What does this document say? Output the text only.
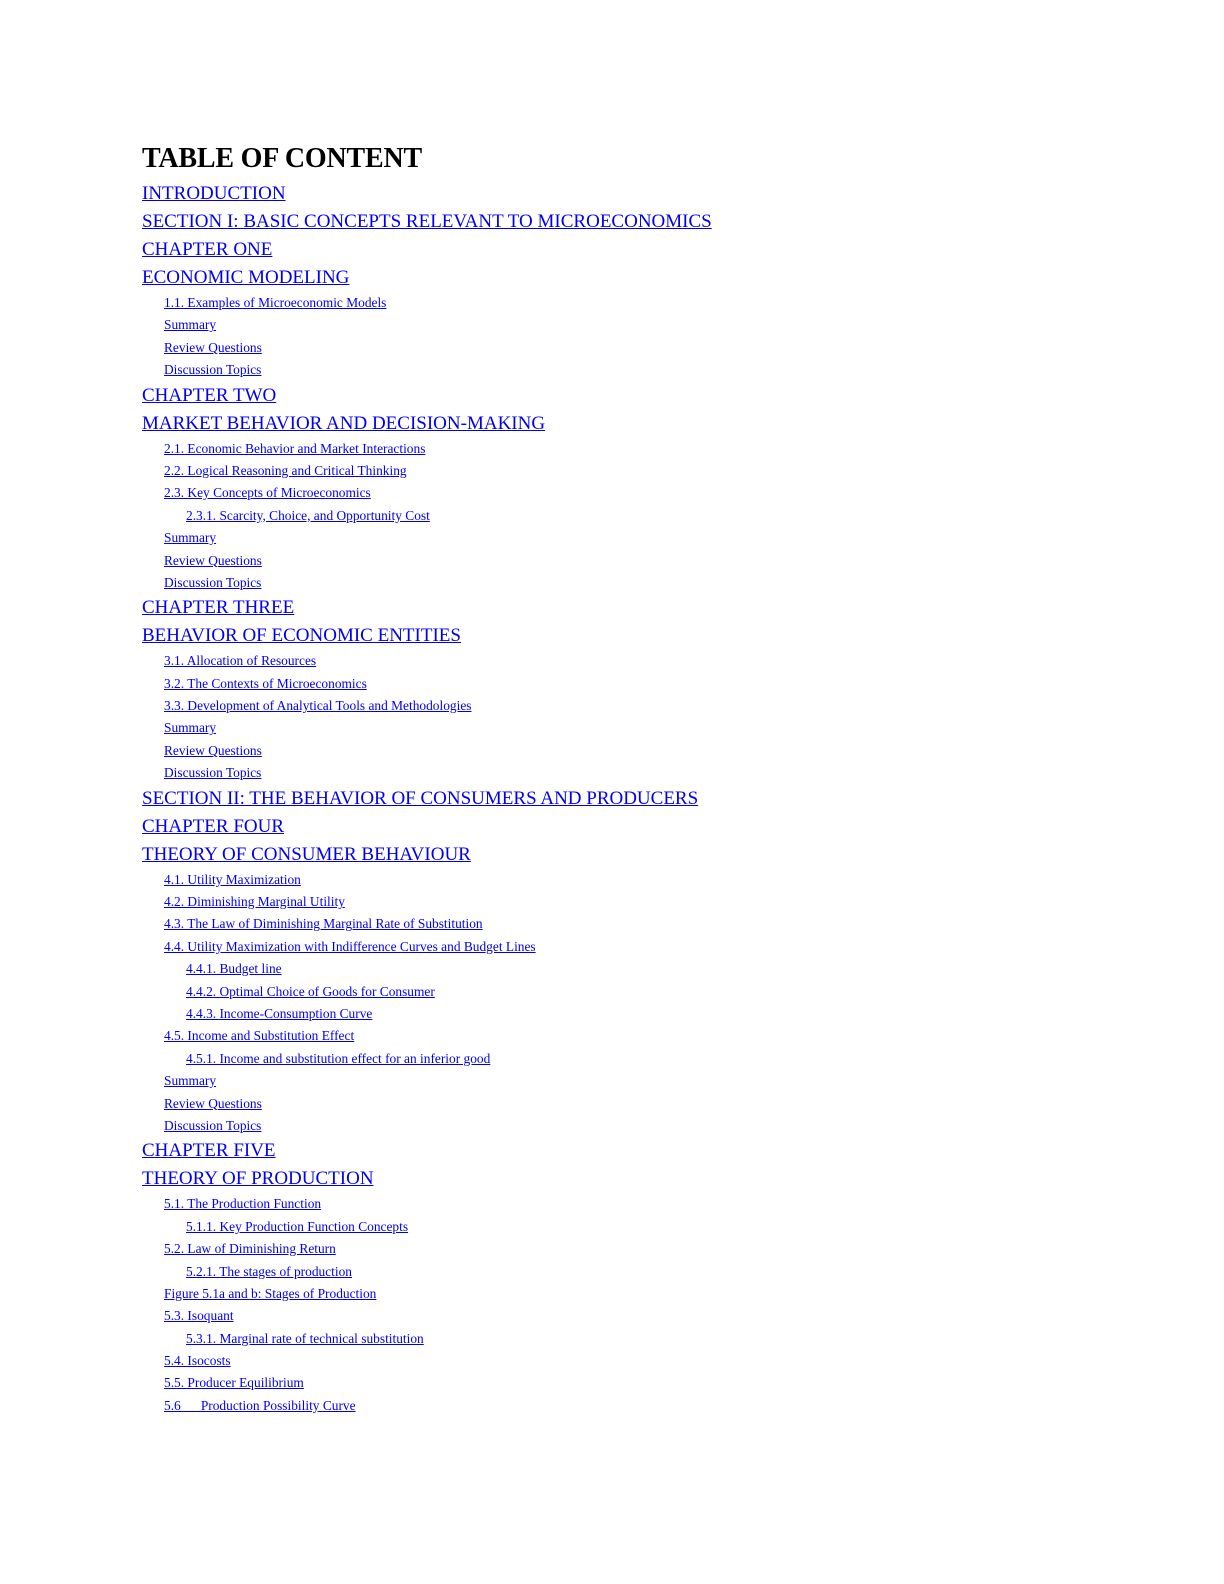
TABLE OF CONTENT
INTRODUCTION
SECTION I: BASIC CONCEPTS RELEVANT TO MICROECONOMICS
CHAPTER ONE
ECONOMIC MODELING
1.1. Examples of Microeconomic Models
Summary
Review Questions
Discussion Topics
CHAPTER TWO
MARKET BEHAVIOR AND DECISION-MAKING
2.1. Economic Behavior and Market Interactions
2.2. Logical Reasoning and Critical Thinking
2.3. Key Concepts of Microeconomics
2.3.1. Scarcity, Choice, and Opportunity Cost
Summary
Review Questions
Discussion Topics
CHAPTER THREE
BEHAVIOR OF ECONOMIC ENTITIES
3.1. Allocation of Resources
3.2. The Contexts of Microeconomics
3.3. Development of Analytical Tools and Methodologies
Summary
Review Questions
Discussion Topics
SECTION II: THE BEHAVIOR OF CONSUMERS AND PRODUCERS
CHAPTER FOUR
THEORY OF CONSUMER BEHAVIOUR
4.1. Utility Maximization
4.2. Diminishing Marginal Utility
4.3. The Law of Diminishing Marginal Rate of Substitution
4.4. Utility Maximization with Indifference Curves and Budget Lines
4.4.1. Budget line
4.4.2. Optimal Choice of Goods for Consumer
4.4.3. Income-Consumption Curve
4.5. Income and Substitution Effect
4.5.1. Income and substitution effect for an inferior good
Summary
Review Questions
Discussion Topics
CHAPTER FIVE
THEORY OF PRODUCTION
5.1. The Production Function
5.1.1. Key Production Function Concepts
5.2. Law of Diminishing Return
5.2.1. The stages of production
Figure 5.1a and b: Stages of Production
5.3. Isoquant
5.3.1. Marginal rate of technical substitution
5.4. Isocosts
5.5. Producer Equilibrium
5.6      Production Possibility Curve
